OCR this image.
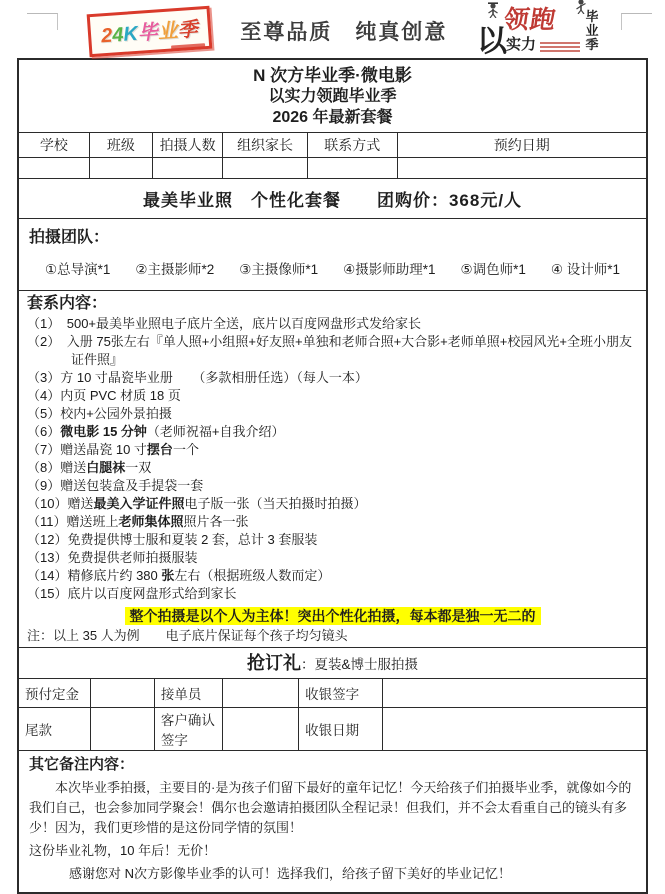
24K毕业季	至尊品质　纯真创意 以
领跑
实力
毕业季
N 次方毕业季·微电影
以实力领跑毕业季
2026 年最新套餐
学校	班级	拍摄人数	组织家长	联系方式	预约日期

最美毕业照　个性化套餐　　团购价：368元/人
拍摄团队：
①总导演*1 ②主摄影师*2 ③主摄像师*1 ④摄影师助理*1 ⑤调色师*1 ④ 设计师*1
套系内容：
（1）　500+最美毕业照电子底片全送，底片以百度网盘形式发给家长
（2）　入册 75张左右『单人照+小组照+好友照+单独和老师合照+大合影+老师单照+校园风光+全班小朋友证件照』
（3）方 10 寸晶瓷毕业册　　（多款相册任选）（每人一本）
（4）内页 PVC 材质 18 页
（5）校内+公园外景拍摄
（6）微电影 15 分钟（老师祝福+自我介绍）
（7）赠送晶瓷 10 寸摆台一个
（8）赠送白腿袜一双
（9）赠送包装盒及手提袋一套
（10）赠送最美入学证件照电子版一张（当天拍摄时拍摄）
（11）赠送班上老师集体照照片各一张
（12）免费提供博士服和夏装 2 套，总计 3 套服装
（13）免费提供老师拍摄服装
（14）精修底片约 380 张左右（根据班级人数而定）
（15）底片以百度网盘形式给到家长
整个拍摄是以个人为主体！突出个性化拍摄，每本都是独一无二的
注：以上 35 人为例　　电子底片保证每个孩子均匀镜头
抢订礼：夏装&博士服拍摄
预付定金		接单员		收银签字	
尾款		客户确认签字		收银日期	
其它备注内容：

本次毕业季拍摄，主要目的·是为孩子们留下最好的童年记忆！今天给孩子们拍摄毕业季，就像如今的我们自己，也会参加同学聚会！偶尔也会邀请拍摄团队全程记录！但我们，并不会太看重自己的镜头有多少！因为，我们更珍惜的是这份同学情的氛围！

这份毕业礼物，10 年后！无价！

感谢您对 N次方影像毕业季的认可！选择我们，给孩子留下美好的毕业记忆！
